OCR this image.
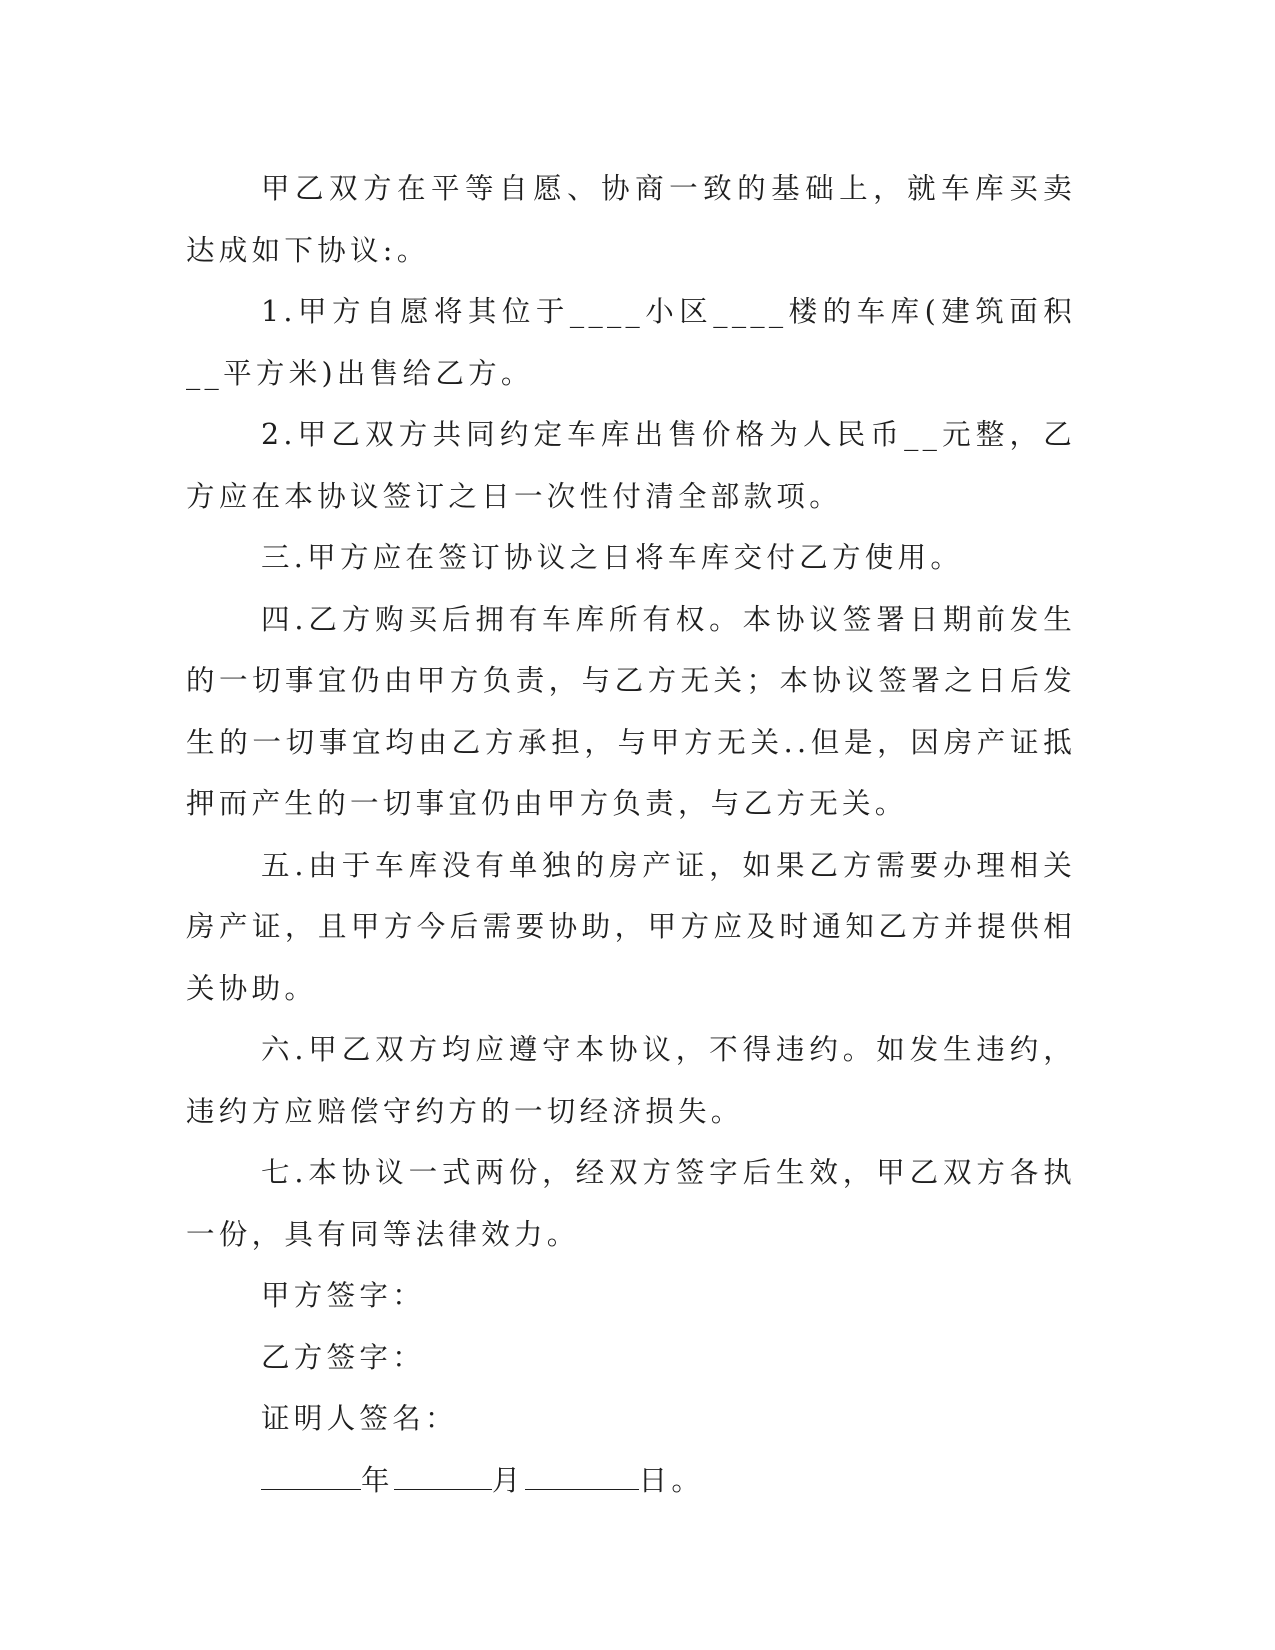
甲乙双方在平等自愿、协商一致的基础上，就车库买卖达成如下协议:。

1.甲方自愿将其位于____小区____楼的车库(建筑面积__平方米)出售给乙方。

2.甲乙双方共同约定车库出售价格为人民币__元整，乙方应在本协议签订之日一次性付清全部款项。

三.甲方应在签订协议之日将车库交付乙方使用。

四.乙方购买后拥有车库所有权。本协议签署日期前发生的一切事宜仍由甲方负责，与乙方无关；本协议签署之日后发生的一切事宜均由乙方承担，与甲方无关..但是，因房产证抵押而产生的一切事宜仍由甲方负责，与乙方无关。

五.由于车库没有单独的房产证，如果乙方需要办理相关房产证，且甲方今后需要协助，甲方应及时通知乙方并提供相关协助。

六.甲乙双方均应遵守本协议，不得违约。如发生违约，违约方应赔偿守约方的一切经济损失。

七.本协议一式两份，经双方签字后生效，甲乙双方各执一份，具有同等法律效力。

甲方签字：

乙方签字：

证明人签名：

年	月	日。
